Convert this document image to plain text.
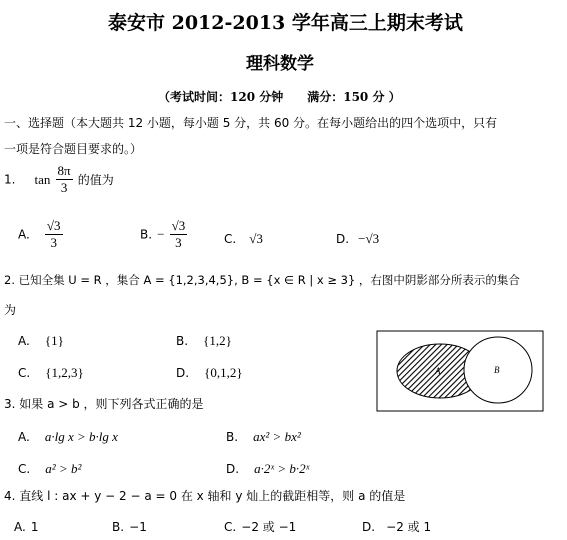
泰安市 2012-2013 学年高三上期末考试
理科数学
（考试时间：120 分钟　　满分：150 分 ）
一、选择题（本大题共 12 小题，每小题 5 分，共 60 分。在每小题给出的四个选项中，只有
一项是符合题目要求的。）
1. $\tan \frac{8\pi}{3}$ 的值为
A. $\frac{√3}{3}$	B. − $\frac{√3}{3}$	C. √3	D. −√3
2. 已知全集 U = R ，集合 A = {1,2,3,4,5}, B = {x ∈ R | x ≥ 3} ，右图中阴影部分所表示的集合
为
A. {1}	B. {1,2}
C. {1,2,3}	D. {0,1,2}	A	B
3. 如果 a > b ，则下列各式正确的是
A. a·lg x > b·lg x	B. ax² > bx²
C. a² > b²	D. a·2ˣ > b·2ˣ
4. 直线 l : ax + y − 2 − a = 0 在 x 轴和 y 灿上的截距相等，则 a 的值是
A. 1	B. −1	C. −2 或 −1	D. −2 或 1
